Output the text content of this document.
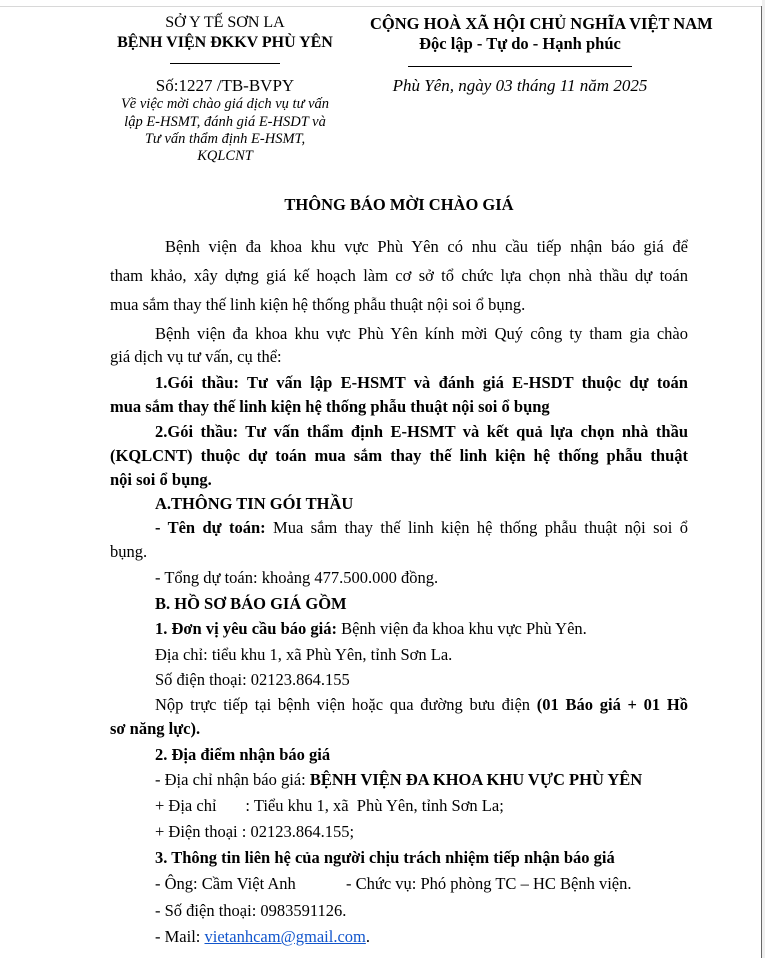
SỞ Y TẾ SƠN LA
BỆNH VIỆN ĐKKV PHÙ YÊN
Số:1227 /TB-BVPY
Về việc mời chào giá dịch vụ tư vấn
lập E-HSMT, đánh giá E-HSDT và
Tư vấn thẩm định E-HSMT,
KQLCNT
CỘNG HOÀ XÃ HỘI CHỦ NGHĨA VIỆT NAM
Độc lập - Tự do - Hạnh phúc
Phù Yên, ngày 03 tháng 11 năm 2025
THÔNG BÁO MỜI CHÀO GIÁ
Bệnh viện đa khoa khu vực Phù Yên có nhu cầu tiếp nhận báo giá để
tham khảo, xây dựng giá kế hoạch làm cơ sở tổ chức lựa chọn nhà thầu dự toán
mua sắm thay thế linh kiện hệ thống phẫu thuật nội soi ổ bụng.
Bệnh viện đa khoa khu vực Phù Yên kính mời Quý công ty tham gia chào
giá dịch vụ tư vấn, cụ thể:
1.Gói thầu: Tư vấn lập E-HSMT và đánh giá E-HSDT thuộc dự toán
mua sắm thay thế linh kiện hệ thống phẫu thuật nội soi ổ bụng
2.Gói thầu: Tư vấn thẩm định E-HSMT và kết quả lựa chọn nhà thầu
(KQLCNT) thuộc dự toán mua sắm thay thế linh kiện hệ thống phẫu thuật
nội soi ổ bụng.
A.THÔNG TIN GÓI THẦU
- Tên dự toán: Mua sắm thay thế linh kiện hệ thống phẫu thuật nội soi ổ
bụng.
- Tổng dự toán: khoảng 477.500.000 đồng.
B. HỒ SƠ BÁO GIÁ GỒM
1. Đơn vị yêu cầu báo giá: Bệnh viện đa khoa khu vực Phù Yên.
Địa chỉ: tiểu khu 1, xã Phù Yên, tỉnh Sơn La.
Số điện thoại: 02123.864.155
Nộp trực tiếp tại bệnh viện hoặc qua đường bưu điện (01 Báo giá + 01 Hồ
sơ năng lực).
2. Địa điểm nhận báo giá
- Địa chỉ nhận báo giá: BỆNH VIỆN ĐA KHOA KHU VỰC PHÙ YÊN
+ Địa chỉ       : Tiểu khu 1, xã  Phù Yên, tỉnh Sơn La;
+ Điện thoại : 02123.864.155;
3. Thông tin liên hệ của người chịu trách nhiệm tiếp nhận báo giá
- Ông: Cầm Việt Anh	- Chức vụ: Phó phòng TC – HC Bệnh viện.
- Số điện thoại: 0983591126.
- Mail: vietanhcam@gmail.com.
